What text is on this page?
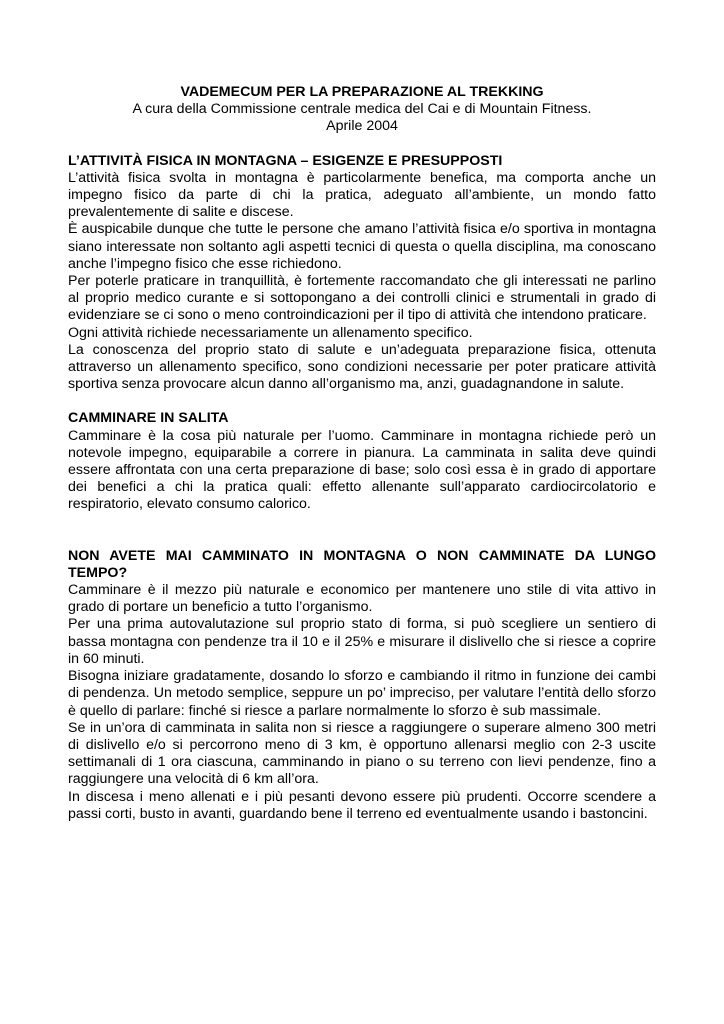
VADEMECUM PER LA PREPARAZIONE AL TREKKING
A cura della Commissione centrale medica del Cai e di Mountain Fitness.
Aprile 2004
L’ATTIVITÀ FISICA IN MONTAGNA – ESIGENZE E PRESUPPOSTI

L’attività fisica svolta in montagna è particolarmente benefica, ma comporta anche un impegno fisico da parte di chi la pratica, adeguato all’ambiente, un mondo fatto prevalentemente di salite e discese.

È auspicabile dunque che tutte le persone che amano l’attività fisica e/o sportiva in montagna siano interessate non soltanto agli aspetti tecnici di questa o quella disciplina, ma conoscano anche l’impegno fisico che esse richiedono.

Per poterle praticare in tranquillità, è fortemente raccomandato che gli interessati ne parlino al proprio medico curante e si sottopongano a dei controlli clinici e strumentali in grado di evidenziare se ci sono o meno controindicazioni per il tipo di attività che intendono praticare.

Ogni attività richiede necessariamente un allenamento specifico.

La conoscenza del proprio stato di salute e un’adeguata preparazione fisica, ottenuta attraverso un allenamento specifico, sono condizioni necessarie per poter praticare attività sportiva senza provocare alcun danno all’organismo ma, anzi, guadagnandone in salute.

CAMMINARE IN SALITA

Camminare è la cosa più naturale per l’uomo. Camminare in montagna richiede però un notevole impegno, equiparabile a correre in pianura. La camminata in salita deve quindi essere affrontata con una certa preparazione di base; solo così essa è in grado di apportare dei benefici a chi la pratica quali: effetto allenante sull’apparato cardiocircolatorio e respiratorio, elevato consumo calorico.

NON AVETE MAI CAMMINATO IN MONTAGNA O NON CAMMINATE DA LUNGO TEMPO?

Camminare è il mezzo più naturale e economico per mantenere uno stile di vita attivo in grado di portare un beneficio a tutto l’organismo.

Per una prima autovalutazione sul proprio stato di forma, si può scegliere un sentiero di bassa montagna con pendenze tra il 10 e il 25% e misurare il dislivello che si riesce a coprire in 60 minuti.

Bisogna iniziare gradatamente, dosando lo sforzo e cambiando il ritmo in funzione dei cambi di pendenza. Un metodo semplice, seppure un po’ impreciso, per valutare l’entità dello sforzo è quello di parlare: finché si riesce a parlare normalmente lo sforzo è sub massimale.

Se in un’ora di camminata in salita non si riesce a raggiungere o superare almeno 300 metri di dislivello e/o si percorrono meno di 3 km, è opportuno allenarsi meglio con 2-3 uscite settimanali di 1 ora ciascuna, camminando in piano o su terreno con lievi pendenze, fino a raggiungere una velocità di 6 km all’ora.

In discesa i meno allenati e i più pesanti devono essere più prudenti. Occorre scendere a passi corti, busto in avanti, guardando bene il terreno ed eventualmente usando i bastoncini.
